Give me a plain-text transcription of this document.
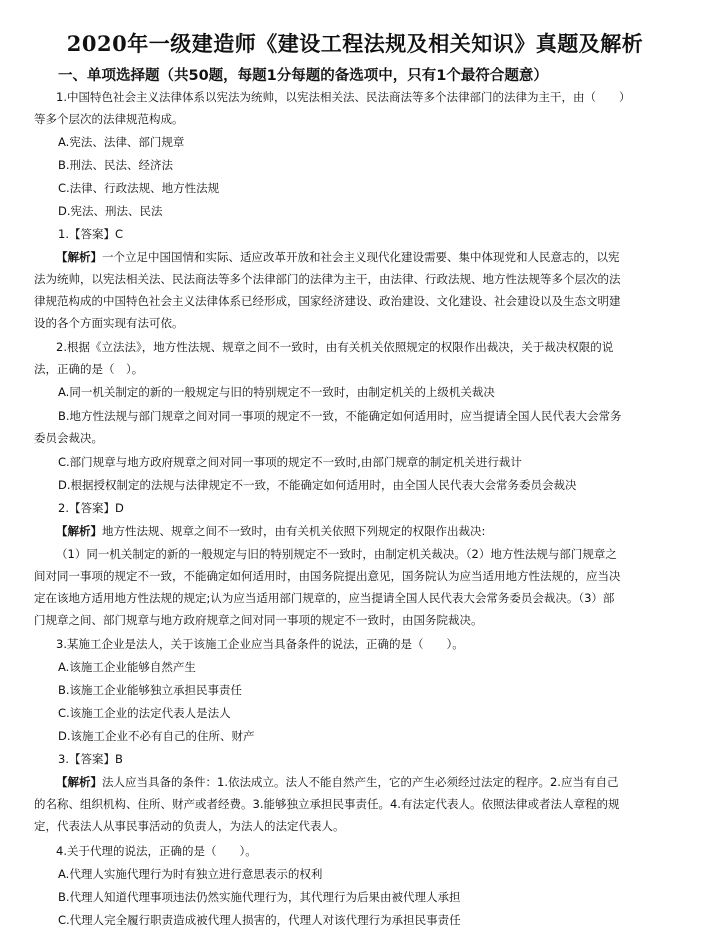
2020年一级建造师《建设工程法规及相关知识》真题及解析
一、单项选择题（共50题，每题1分每题的备选项中，只有1个最符合题意）
1.中国特色社会主义法律体系以宪法为统帅，以宪法相关法、民法商法等多个法律部门的法律为主干，由（　　）
等多个层次的法律规范构成。
A.宪法、法律、部门规章
B.刑法、民法、经济法
C.法律、行政法规、地方性法规
D.宪法、刑法、民法
1.【答案】C
【解析】一个立足中国国情和实际、适应改革开放和社会主义现代化建设需要、集中体现党和人民意志的，以宪
法为统帅，以宪法相关法、民法商法等多个法律部门的法律为主干，由法律、行政法规、地方性法规等多个层次的法
律规范构成的中国特色社会主义法律体系已经形成，国家经济建设、政治建设、文化建设、社会建设以及生态文明建
设的各个方面实现有法可依。
2.根据《立法法》，地方性法规、规章之间不一致时，由有关机关依照规定的权限作出裁决，关于裁决权限的说
法，正确的是（　）。
A.同一机关制定的新的一般规定与旧的特别规定不一致时，由制定机关的上级机关裁决
B.地方性法规与部门规章之间对同一事项的规定不一致，不能确定如何适用时，应当提请全国人民代表大会常务
委员会裁决。
C.部门规章与地方政府规章之间对同一事项的规定不一致时,由部门规章的制定机关进行裁计
D.根据授权制定的法规与法律规定不一致，不能确定如何适用时，由全国人民代表大会常务委员会裁决
2.【答案】D
【解析】地方性法规、规章之间不一致时，由有关机关依照下列规定的权限作出裁决:
（1）同一机关制定的新的一般规定与旧的特别规定不一致时，由制定机关裁决。（2）地方性法规与部门规章之
间对同一事项的规定不一致，不能确定如何适用时，由国务院提出意见，国务院认为应当适用地方性法规的，应当决
定在该地方适用地方性法规的规定;认为应当适用部门规章的，应当提请全国人民代表大会常务委员会裁决。（3）部
门规章之间、部门规章与地方政府规章之间对同一事项的规定不一致时，由国务院裁决。
3.某施工企业是法人，关于该施工企业应当具备条件的说法，正确的是（　　）。
A.该施工企业能够自然产生
B.该施工企业能够独立承担民事责任
C.该施工企业的法定代表人是法人
D.该施工企业不必有自己的住所、财产
3.【答案】B
【解析】法人应当具备的条件：1.依法成立。法人不能自然产生，它的产生必须经过法定的程序。2.应当有自己
的名称、组织机构、住所、财产或者经费。3.能够独立承担民事责任。4.有法定代表人。依照法律或者法人章程的规
定，代表法人从事民事活动的负责人，为法人的法定代表人。
4.关于代理的说法，正确的是（　　）。
A.代理人实施代理行为时有独立进行意思表示的权利
B.代理人知道代理事项违法仍然实施代理行为，其代理行为后果由被代理人承担
C.代理人完全履行职责造成被代理人损害的，代理人对该代理行为承担民事责任
